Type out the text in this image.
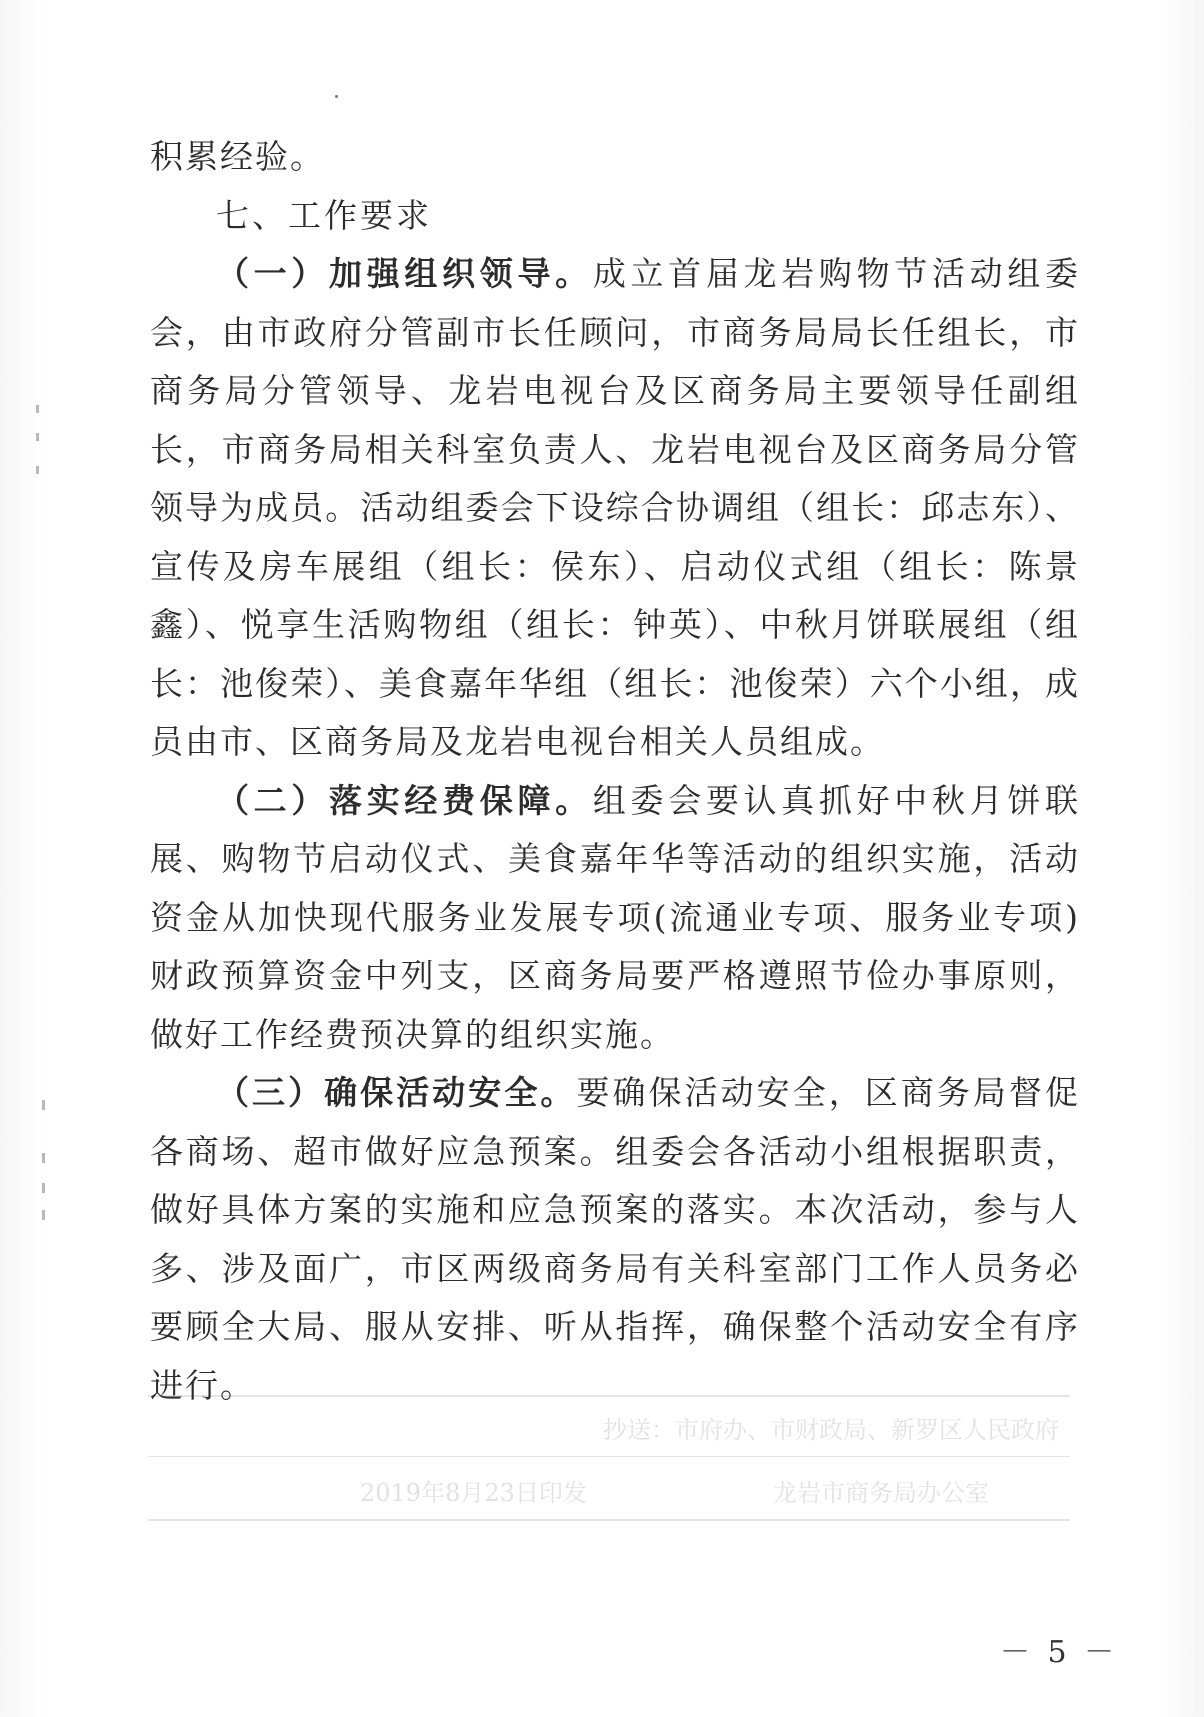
积累经验。

七、工作要求

（一）加强组织领导。成立首届龙岩购物节活动组委会，由市政府分管副市长任顾问，市商务局局长任组长，市商务局分管领导、龙岩电视台及区商务局主要领导任副组长，市商务局相关科室负责人、龙岩电视台及区商务局分管领导为成员。活动组委会下设综合协调组（组长：邱志东）、宣传及房车展组（组长：侯东）、启动仪式组（组长：陈景鑫）、悦享生活购物组（组长：钟英）、中秋月饼联展组（组长：池俊荣）、美食嘉年华组（组长：池俊荣）六个小组，成员由市、区商务局及龙岩电视台相关人员组成。

（二）落实经费保障。组委会要认真抓好中秋月饼联展、购物节启动仪式、美食嘉年华等活动的组织实施，活动资金从加快现代服务业发展专项(流通业专项、服务业专项)财政预算资金中列支，区商务局要严格遵照节俭办事原则，做好工作经费预决算的组织实施。

（三）确保活动安全。要确保活动安全，区商务局督促各商场、超市做好应急预案。组委会各活动小组根据职责，做好具体方案的实施和应急预案的落实。本次活动，参与人多、涉及面广，市区两级商务局有关科室部门工作人员务必要顾全大局、服从安排、听从指挥，确保整个活动安全有序进行。

抄送：市府办、市财政局、新罗区人民政府
2019年8月23日印发	龙岩市商务局办公室
－ 5 －
